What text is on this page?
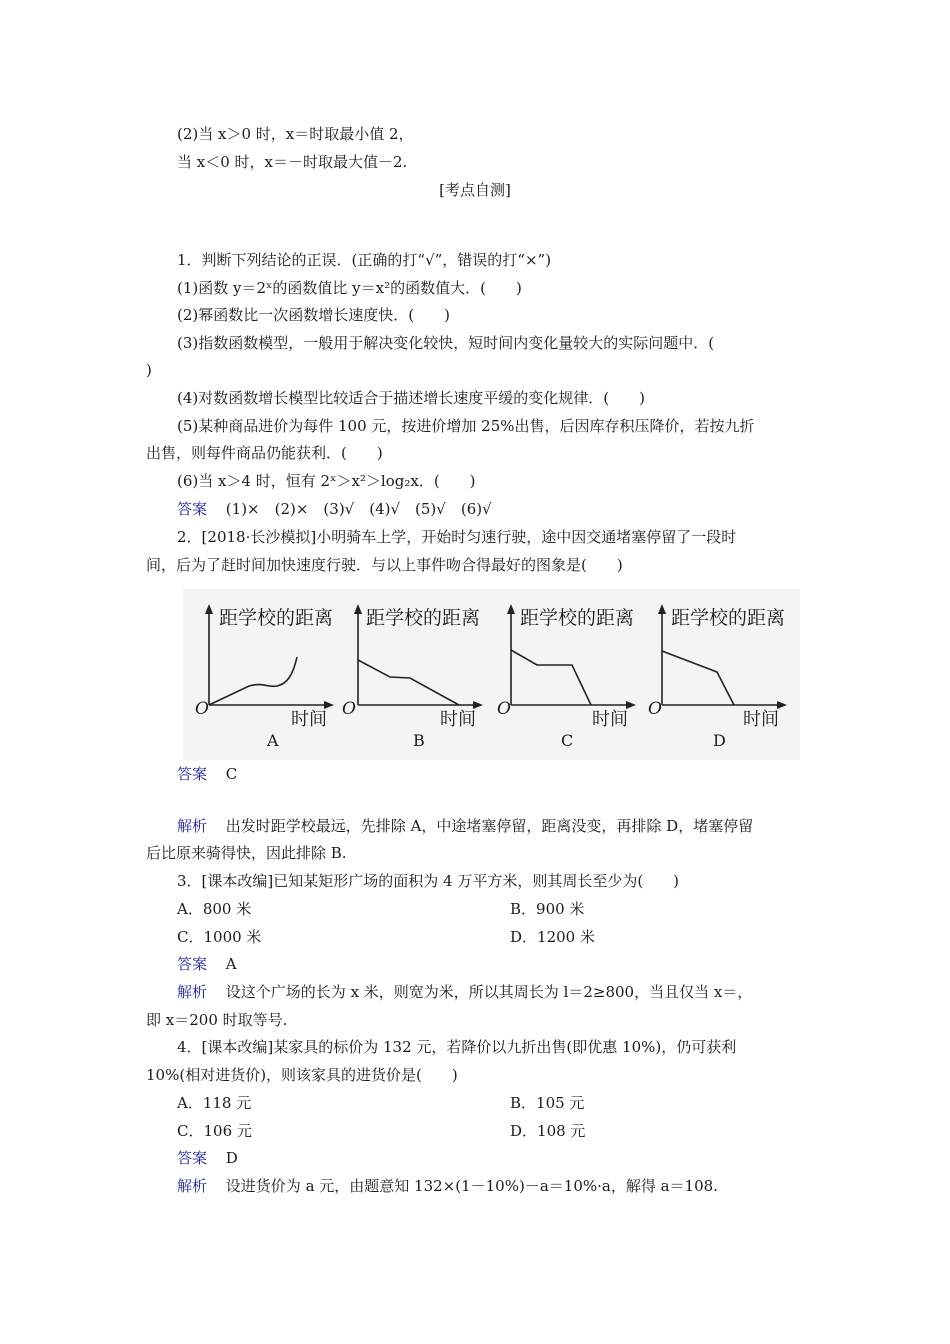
(2)当 x＞0 时，x＝时取最小值 2，
当 x＜0 时，x＝－时取最大值－2.
[考点自测]
1．判断下列结论的正误．(正确的打“√”，错误的打“×”)
(1)函数 y＝2ˣ的函数值比 y＝x²的函数值大．(　　)
(2)幂函数比一次函数增长速度快．(　　)
(3)指数函数模型，一般用于解决变化较快，短时间内变化量较大的实际问题中．(
)
(4)对数函数增长模型比较适合于描述增长速度平缓的变化规律．(　　)
(5)某种商品进价为每件 100 元，按进价增加 25%出售，后因库存积压降价，若按九折
出售，则每件商品仍能获利．(　　)
(6)当 x＞4 时，恒有 2ˣ＞x²＞log₂x．(　　)
答案 (1)×　(2)×　(3)√　(4)√　(5)√　(6)√
2．[2018·长沙模拟]小明骑车上学，开始时匀速行驶，途中因交通堵塞停留了一段时
间，后为了赶时间加快速度行驶．与以上事件吻合得最好的图象是(　　)
距学校的距离
O	时间
A
距学校的距离
O	时间
B
距学校的距离
O	时间
C
距学校的距离
O	时间
D
答案 C
解析 出发时距学校最远，先排除 A，中途堵塞停留，距离没变，再排除 D，堵塞停留
后比原来骑得快，因此排除 B.
3．[课本改编]已知某矩形广场的面积为 4 万平方米，则其周长至少为(　　)
A．800 米	B．900 米
C．1000 米	D．1200 米
答案 A
解析 设这个广场的长为 x 米，则宽为米，所以其周长为 l＝2≥800，当且仅当 x＝，
即 x＝200 时取等号.
4．[课本改编]某家具的标价为 132 元，若降价以九折出售(即优惠 10%)，仍可获利
10%(相对进货价)，则该家具的进货价是(　　)
A．118 元	B．105 元
C．106 元	D．108 元
答案 D
解析 设进货价为 a 元，由题意知 132×(1－10%)－a＝10%·a，解得 a＝108.
